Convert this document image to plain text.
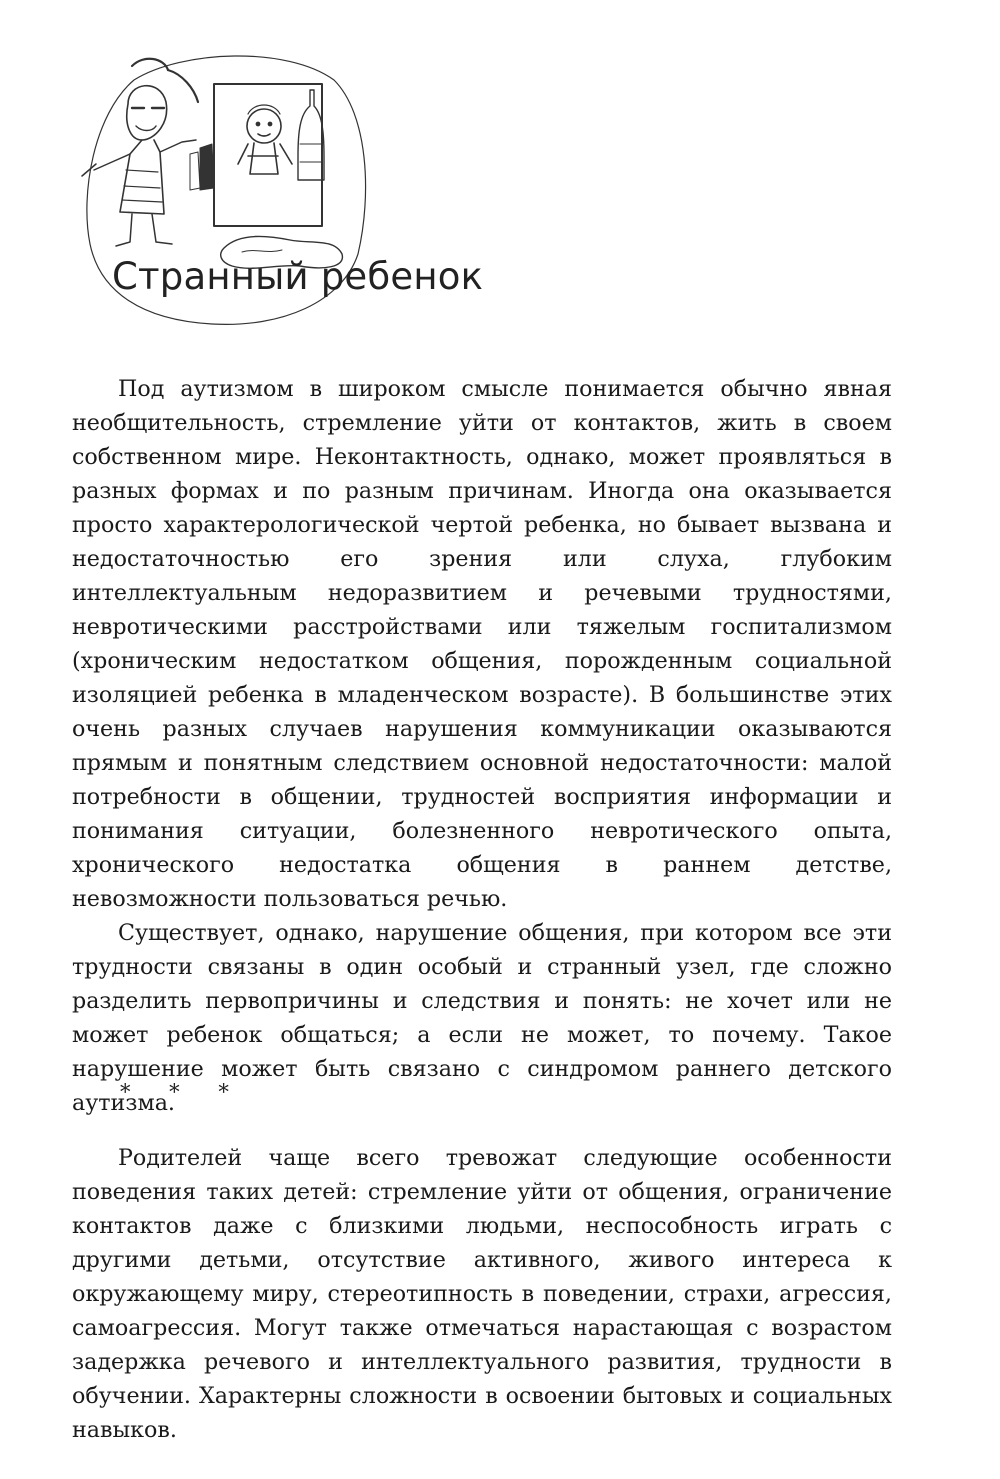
Странный ребенок

Под аутизмом в широком смысле понимается обычно явная необщительность, стремление уйти от контактов, жить в своем собственном мире. Неконтактность, однако, может проявляться в разных формах и по разным причинам. Иногда она оказывается просто характерологической чертой ребенка, но бывает вызвана и недостаточностью его зрения или слуха, глубоким интеллектуальным недоразвитием и речевыми трудностями, невротическими расстройствами или тяжелым госпитализмом (хроническим недостатком общения, порожденным социальной изоляцией ребенка в младенческом возрасте). В большинстве этих очень разных случаев нарушения коммуникации оказываются прямым и понятным следствием основной недостаточности: малой потребности в общении, трудностей восприятия информации и понимания ситуации, болезненного невротического опыта, хронического недостатка общения в раннем детстве, невозможности пользоваться речью.

Существует, однако, нарушение общения, при котором все эти трудности связаны в один особый и странный узел, где сложно разделить первопричины и следствия и понять: не хочет или не может ребенок общаться; а если не может, то почему. Такое нарушение может быть связано с синдромом раннего детского аутизма.

* * *

Родителей чаще всего тревожат следующие особенности поведения таких детей: стремление уйти от общения, ограничение контактов даже с близкими людьми, неспособность играть с другими детьми, отсутствие активного, живого интереса к окружающему миру, стереотипность в поведении, страхи, агрессия, самоагрессия. Могут также отмечаться нарастающая с возрастом задержка речевого и интеллектуального развития, трудности в обучении. Характерны сложности в освоении бытовых и социальных навыков.
